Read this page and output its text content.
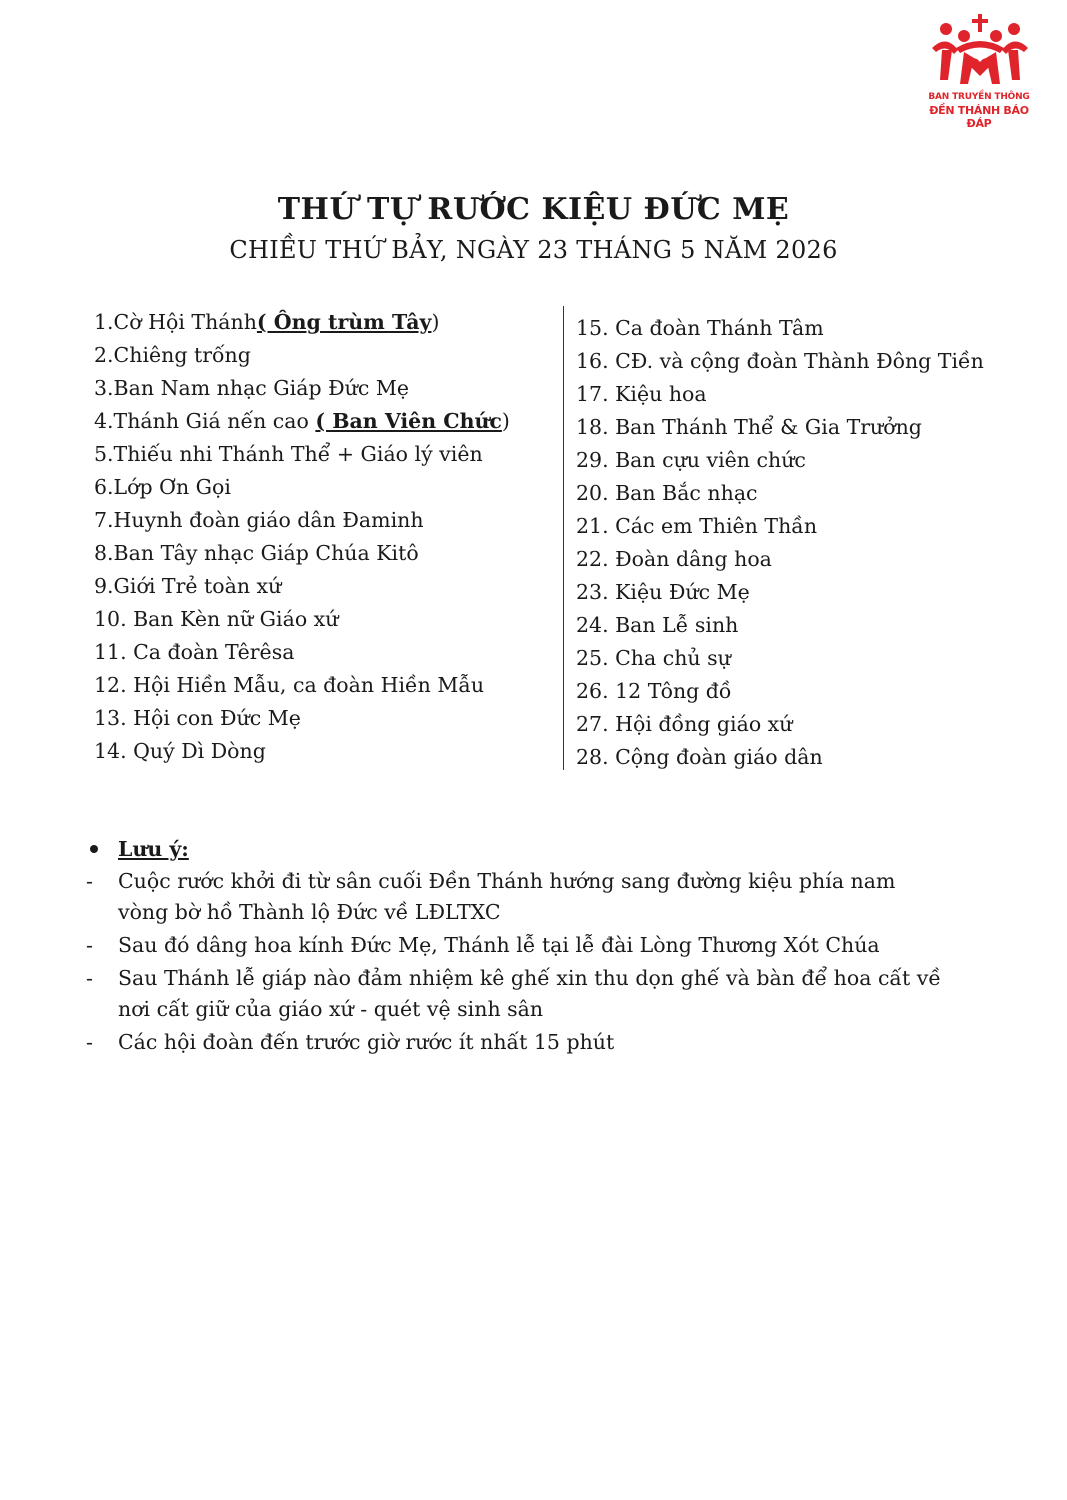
BAN TRUYỀN THÔNG
ĐỀN THÁNH BÁO ĐÁP
THỨ TỰ RƯỚC KIỆU ĐỨC MẸ
CHIỀU THỨ BẢY, NGÀY 23 THÁNG 5 NĂM 2026
1.Cờ Hội Thánh( Ông trùm Tây)
2.Chiêng trống
3.Ban Nam nhạc Giáp Đức Mẹ
4.Thánh Giá nến cao ( Ban Viên Chức)
5.Thiếu nhi Thánh Thể + Giáo lý viên
6.Lớp Ơn Gọi
7.Huynh đoàn giáo dân Đaminh
8.Ban Tây nhạc Giáp Chúa Kitô
9.Giới Trẻ toàn xứ
10. Ban Kèn nữ Giáo xứ
11. Ca đoàn Têrêsa
12. Hội Hiền Mẫu, ca đoàn Hiền Mẫu
13. Hội con Đức Mẹ
14. Quý Dì Dòng
15. Ca đoàn Thánh Tâm
16. CĐ. và cộng đoàn Thành Đông Tiền
17. Kiệu hoa
18. Ban Thánh Thể & Gia Trưởng
29. Ban cựu viên chức
20. Ban Bắc nhạc
21. Các em Thiên Thần
22. Đoàn dâng hoa
23. Kiệu Đức Mẹ
24. Ban Lễ sinh
25. Cha chủ sự
26. 12 Tông đồ
27. Hội đồng giáo xứ
28. Cộng đoàn giáo dân
Lưu ý:
- Cuộc rước khởi đi từ sân cuối Đền Thánh hướng sang đường kiệu phía nam
vòng bờ hồ Thành lộ Đức về LĐLTXC
- Sau đó dâng hoa kính Đức Mẹ, Thánh lễ tại lễ đài Lòng Thương Xót Chúa
- Sau Thánh lễ giáp nào đảm nhiệm kê ghế xin thu dọn ghế và bàn để hoa cất về
nơi cất giữ của giáo xứ - quét vệ sinh sân
- Các hội đoàn đến trước giờ rước ít nhất 15 phút
